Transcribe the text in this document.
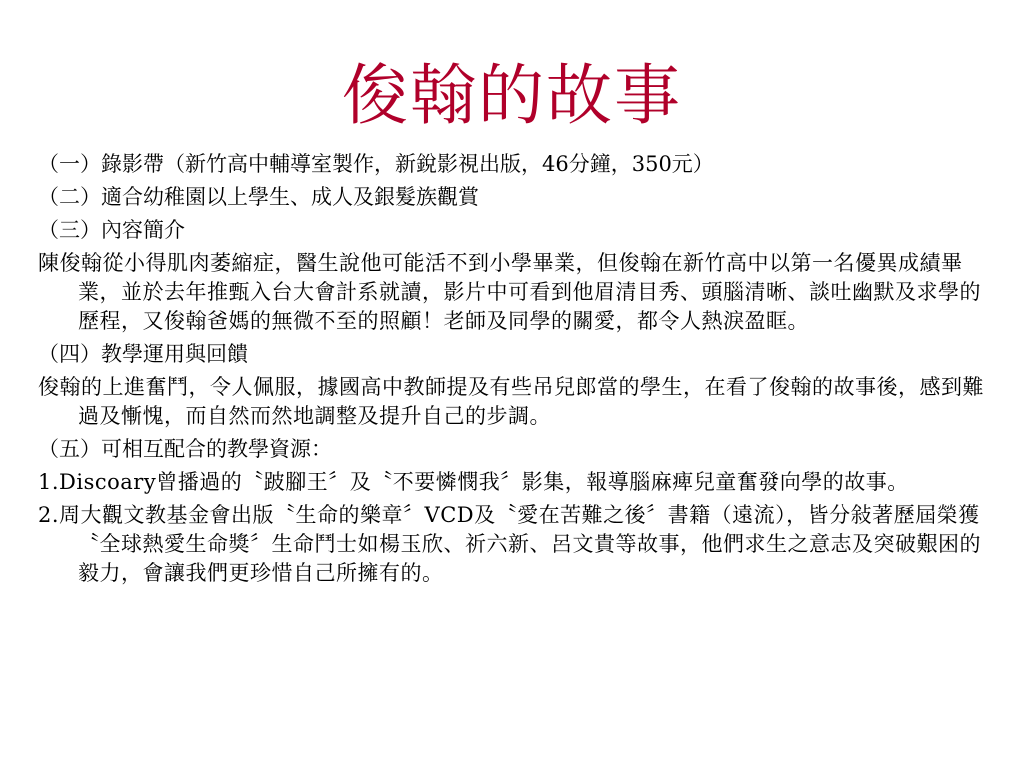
俊翰的故事
（一）錄影帶（新竹高中輔導室製作，新銳影視出版，46分鐘，350元）
（二）適合幼稚園以上學生、成人及銀髮族觀賞
（三）內容簡介
陳俊翰從小得肌肉萎縮症，醫生說他可能活不到小學畢業，但俊翰在新竹高中以第一名優異成績畢業，並於去年推甄入台大會計系就讀，影片中可看到他眉清目秀、頭腦清晰、談吐幽默及求學的歷程，又俊翰爸媽的無微不至的照顧！老師及同學的關愛，都令人熱淚盈眶。
（四）教學運用與回饋
俊翰的上進奮鬥，令人佩服，據國高中教師提及有些吊兒郎當的學生，在看了俊翰的故事後，感到難過及慚愧，而自然而然地調整及提升自己的步調。
（五）可相互配合的教學資源：
1.Discoary曾播過的〝跛腳王〞及〝不要憐憫我〞影集，報導腦麻痺兒童奮發向學的故事。
2.周大觀文教基金會出版〝生命的樂章〞VCD及〝愛在苦難之後〞書籍（遠流），皆分敍著歷屆榮獲〝全球熱愛生命獎〞生命鬥士如楊玉欣、祈六新、呂文貴等故事，他們求生之意志及突破艱困的毅力，會讓我們更珍惜自己所擁有的。
